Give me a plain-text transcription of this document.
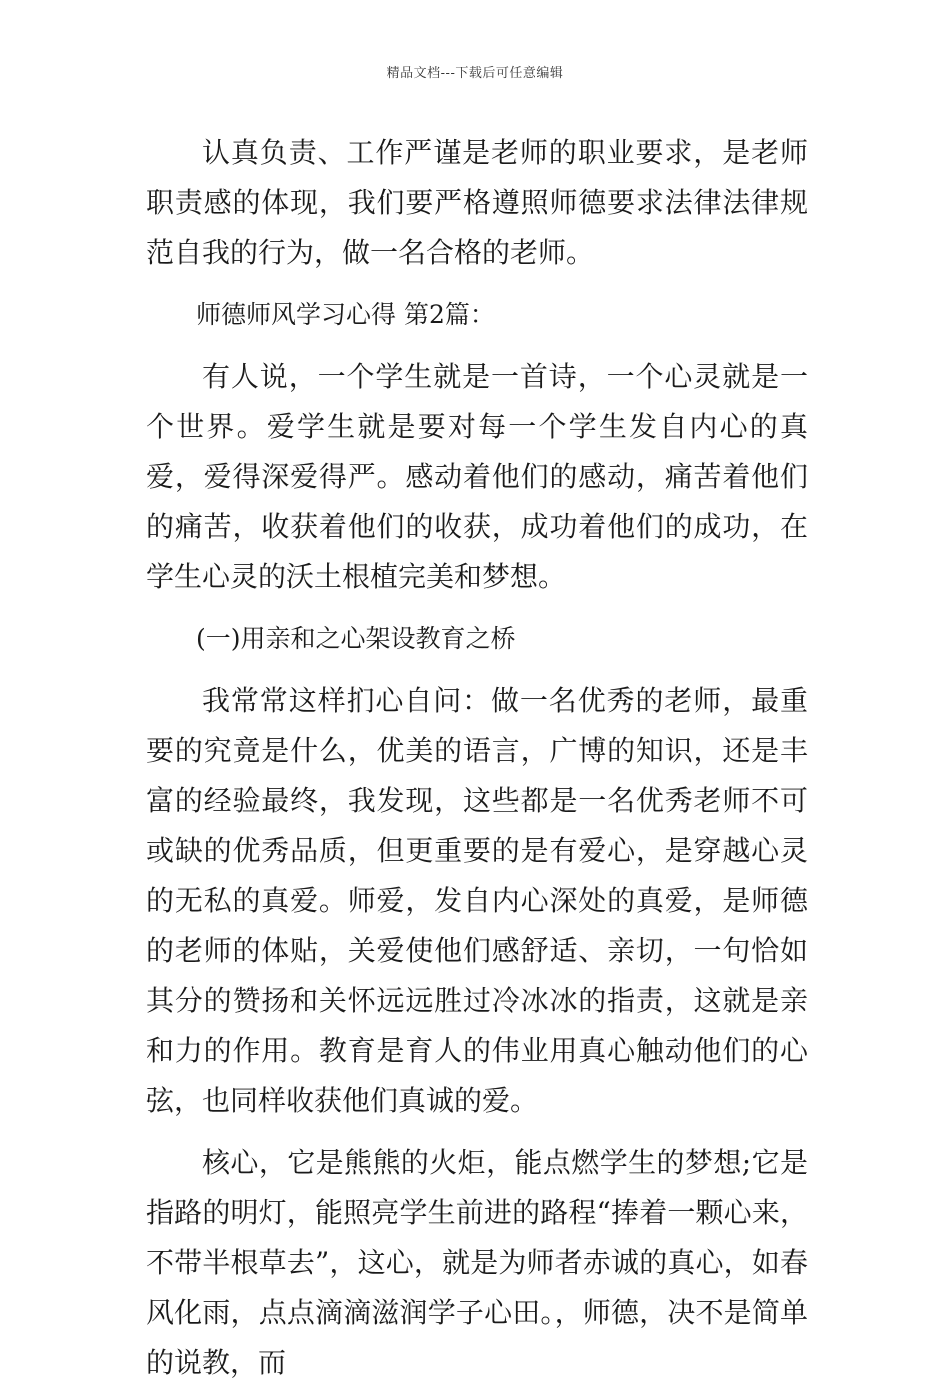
精品文档---下载后可任意编辑

认真负责、工作严谨是老师的职业要求，是老师职责感的体现，我们要严格遵照师德要求法律法律规范自我的行为，做一名合格的老师。

师德师风学习心得 第2篇：

有人说，一个学生就是一首诗，一个心灵就是一个世界。爱学生就是要对每一个学生发自内心的真爱，爱得深爱得严。感动着他们的感动，痛苦着他们的痛苦，收获着他们的收获，成功着他们的成功，在学生心灵的沃土根植完美和梦想。

(一)用亲和之心架设教育之桥

我常常这样扪心自问：做一名优秀的老师，最重要的究竟是什么，优美的语言，广博的知识，还是丰富的经验最终，我发现，这些都是一名优秀老师不可或缺的优秀品质，但更重要的是有爱心，是穿越心灵的无私的真爱。师爱，发自内心深处的真爱，是师德的老师的体贴，关爱使他们感舒适、亲切，一句恰如其分的赞扬和关怀远远胜过冷冰冰的指责，这就是亲和力的作用。教育是育人的伟业用真心触动他们的心弦，也同样收获他们真诚的爱。

核心，它是熊熊的火炬，能点燃学生的梦想;它是指路的明灯，能照亮学生前进的路程“捧着一颗心来，不带半根草去”，这心，就是为师者赤诚的真心，如春风化雨，点点滴滴滋润学子心田。，师德，决不是简单的说教，而
